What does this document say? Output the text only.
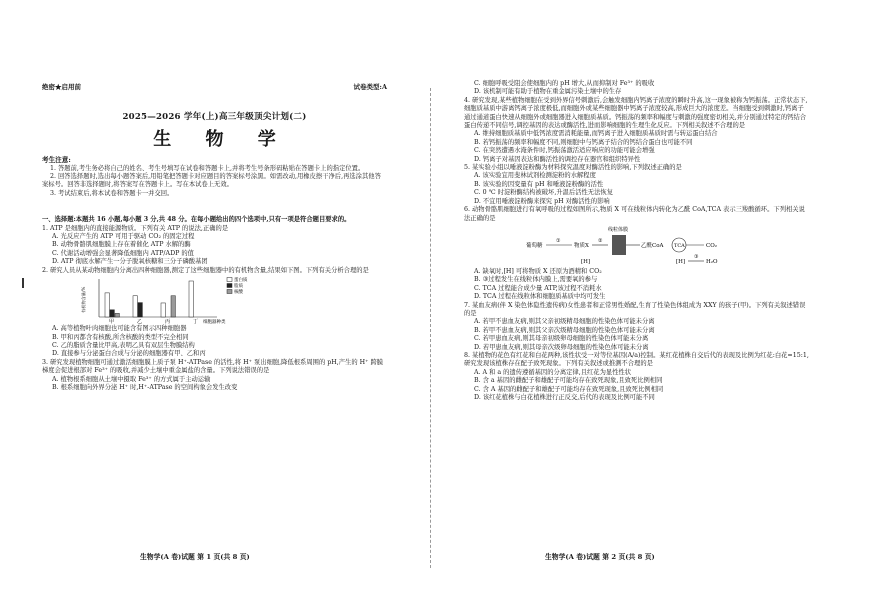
绝密★启用前	试卷类型:A
2025—2026 学年(上)高三年级顶尖计划(二)
生 物 学
考生注意:

1. 答题前,考生务必将自己的姓名、考生号填写在试卷和答题卡上,并将考生号条形码粘贴在答题卡上的指定位置。

2. 回答选择题时,选出每小题答案后,用铅笔把答题卡对应题目的答案标号涂黑。如需改动,用橡皮擦干净后,再选涂其他答案标号。回答非选择题时,将答案写在答题卡上。写在本试卷上无效。

3. 考试结束后,将本试卷和答题卡一并交回。

一、选择题:本题共 16 小题,每小题 3 分,共 48 分。在每小题给出的四个选项中,只有一项是符合题目要求的。
1. ATP 是细胞内的直接能源物质。下列有关 ATP 的说法,正确的是
A. 光反应产生的 ATP 可用于驱动 CO₂ 的固定过程
B. 动物骨骼肌细胞膜上存在着催化 ATP 水解的酶
C. 代谢活动增强会显著降低细胞内 ATP/ADP 的值
D. ATP 彻底水解产生一分子脱氧核糖和三分子磷酸基团
2. 研究人员从某动物细胞内分离出四种细胞器,测定了这些细胞器中的有机物含量,结果如下图。下列有关分析合理的是
有机物含量/%
甲	乙	丙	丁 细胞器种类
蛋白质
脂质
核酸
A. 高等植物叶肉细胞也可能含有图示四种细胞器
B. 甲和丙都含有核酸,所含核酸的类型不完全相同
C. 乙的脂质含量比甲高,表明乙具有双层生物膜结构
D. 直接参与分泌蛋白合成与分泌的细胞器有甲、乙和丙
3. 研究发现植物细胞可通过激活细胞膜上质子泵 H⁺-ATPase 的活性,将 H⁺ 泵出细胞,降低根系周围的 pH,产生的 H⁺ 跨膜梯度会促进根部对 Fe³⁺ 的吸收,并减少土壤中重金属盐的含量。下列说法错误的是
A. 植物根系细胞从土壤中摄取 Fe³⁺ 的方式属于主动运输
B. 根系细胞向外界分泌 H⁺ 时,H⁺-ATPase 的空间构象会发生改变
生物学(A 卷)试题 第 1 页(共 8 页)
C. 细胞呼吸受阻会使细胞内的 pH 增大,从而抑制对 Fe³⁺ 的吸收
D. 该机制可能有助于植物在重金属污染土壤中的生存
4. 研究发现,某些植物细胞在受到外界信号刺激后,会触发细胞内钙离子浓度的瞬时升高,这一现象被称为钙振荡。正常状态下,细胞质基质中游离钙离子浓度极低,而细胞外或某些细胞器中钙离子浓度较高,形成巨大的浓度差。当细胞受到刺激时,钙离子通过通道蛋白快速从细胞外或细胞器进入细胞质基质。钙振荡的频率和幅度与刺激的强度密切相关,并分别通过特定的钙结合蛋白传递不同信号,调控基因的表达或酶活性,进而影响细胞的生理生化反应。下列相关叙述不合理的是
A. 维持细胞质基质中低钙浓度需消耗能量,而钙离子进入细胞质基质时需与转运蛋白结合
B. 若钙振荡的频率和幅度不同,则细胞中与钙离子结合的钙结合蛋白也可能不同
C. 在突然遭遇水淹条件时,钙振荡激活适应响应的功能可能会增强
D. 钙离子对基因表达和酶活性的调控存在器官和组织特异性
5. 某实验小组以唾液淀粉酶为材料探究温度对酶活性的影响,下列叙述正确的是
A. 该实验宜用斐林试剂检测淀粉的水解程度
B. 该实验的因变量有 pH 和唾液淀粉酶的活性
C. 0 ℃ 时淀粉酶结构被破坏,升温后活性无法恢复
D. 不宜用唾液淀粉酶来探究 pH 对酶活性的影响
6. 动物骨骼肌细胞进行有氧呼吸的过程如图所示,物质 X 可在线粒体内转化为乙酰 CoA,TCA 表示三羧酸循环。下列相关说法正确的是
葡萄糖
①
物质X
线粒体膜
②
乙酰CoA TCA	CO₂
[H]	[H]
③
H₂O
A. 缺氧时,[H] 可将物质 X 还原为酒精和 CO₂
B. ③过程发生在线粒体内膜上,需要氧的参与
C. TCA 过程能合成少量 ATP,该过程不消耗水
D. TCA 过程在线粒体和细胞质基质中均可发生
7. 某血友病(伴 X 染色体隐性遗传病)女性患者和正常男性婚配,生育了性染色体组成为 XXY 的孩子(甲)。下列有关叙述错误的是
A. 若甲不患血友病,则其父亲初级精母细胞的性染色体可能未分离
B. 若甲不患血友病,则其父亲次级精母细胞的性染色体可能未分离
C. 若甲患血友病,则其母亲初级卵母细胞的性染色体可能未分离
D. 若甲患血友病,则其母亲次级卵母细胞的性染色体可能未分离
8. 某植物的花色有红花和白花两种,该性状受一对等位基因(A/a)控制。某红花植株自交后代的表现及比例为红花:白花=15:1,研究发现该植株存在配子致死现象。下列有关叙述或推测不合理的是
A. A 和 a 的遗传遵循基因的分离定律,且红花为显性性状
B. 含 a 基因的雌配子和雄配子可能均存在致死现象,且致死比例相同
C. 含 A 基因的雌配子和雄配子可能均存在致死现象,且致死比例相同
D. 该红花植株与白花植株进行正反交,后代的表现及比例可能不同
生物学(A 卷)试题 第 2 页(共 8 页)
